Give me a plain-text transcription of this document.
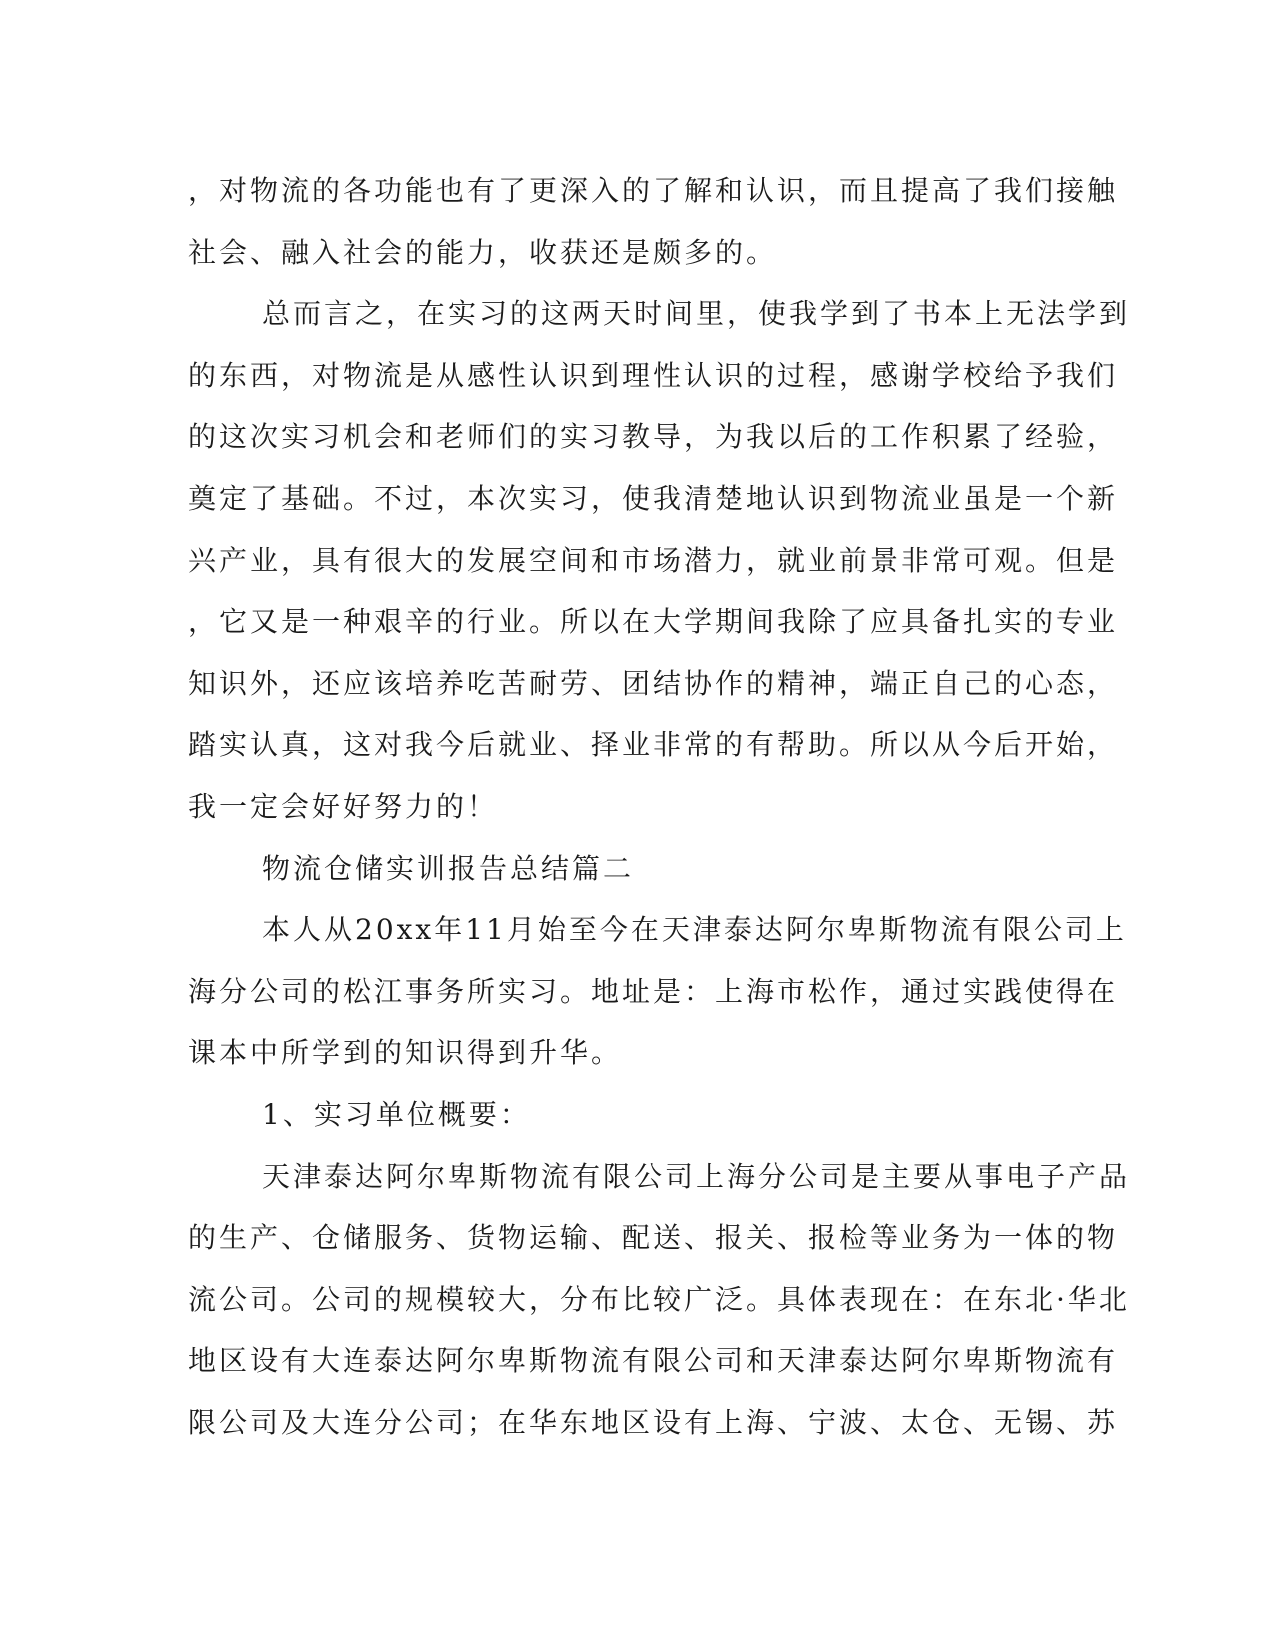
，对物流的各功能也有了更深入的了解和认识，而且提高了我们接触
社会、融入社会的能力，收获还是颇多的。
总而言之，在实习的这两天时间里，使我学到了书本上无法学到
的东西，对物流是从感性认识到理性认识的过程，感谢学校给予我们
的这次实习机会和老师们的实习教导，为我以后的工作积累了经验，
奠定了基础。不过，本次实习，使我清楚地认识到物流业虽是一个新
兴产业，具有很大的发展空间和市场潜力，就业前景非常可观。但是
，它又是一种艰辛的行业。所以在大学期间我除了应具备扎实的专业
知识外，还应该培养吃苦耐劳、团结协作的精神，端正自己的心态，
踏实认真，这对我今后就业、择业非常的有帮助。所以从今后开始，
我一定会好好努力的！
物流仓储实训报告总结篇二
本人从20xx年11月始至今在天津泰达阿尔卑斯物流有限公司上
海分公司的松江事务所实习。地址是：上海市松作，通过实践使得在
课本中所学到的知识得到升华。
1、实习单位概要：
天津泰达阿尔卑斯物流有限公司上海分公司是主要从事电子产品
的生产、仓储服务、货物运输、配送、报关、报检等业务为一体的物
流公司。公司的规模较大，分布比较广泛。具体表现在：在东北·华北
地区设有大连泰达阿尔卑斯物流有限公司和天津泰达阿尔卑斯物流有
限公司及大连分公司；在华东地区设有上海、宁波、太仓、无锡、苏
